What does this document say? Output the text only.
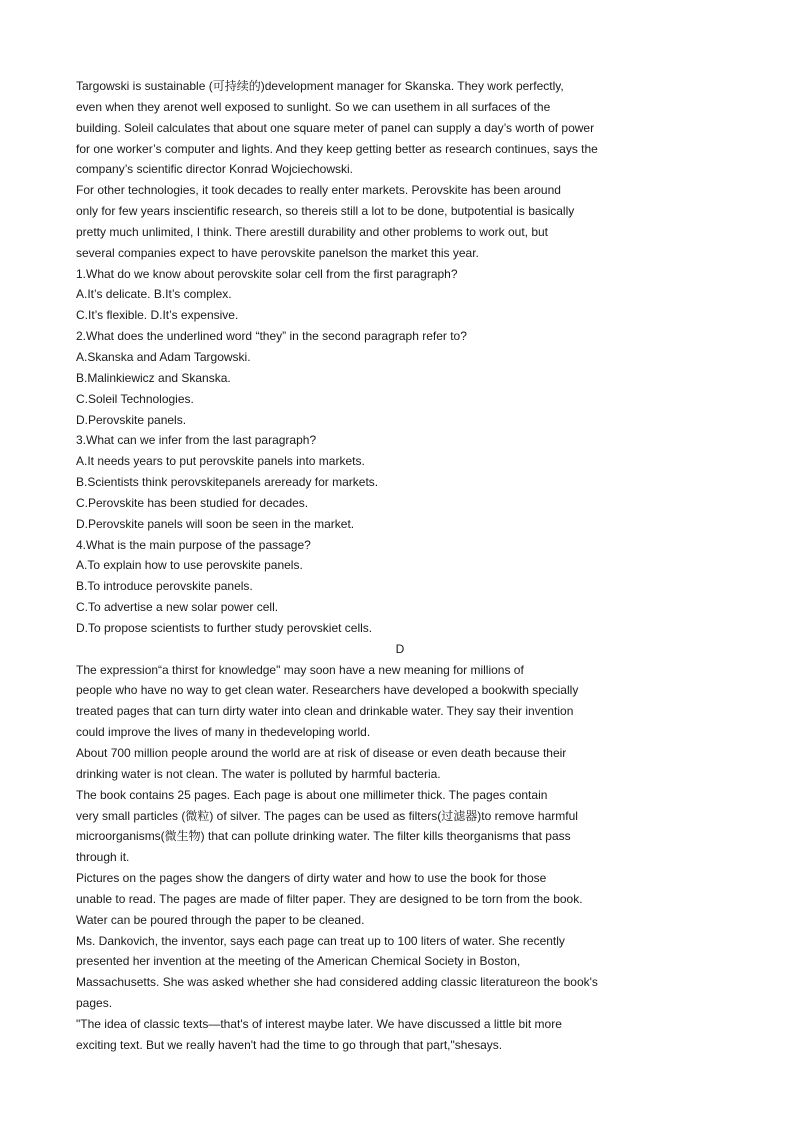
Targowski is sustainable (可持续的)development manager for Skanska. They work perfectly,
even when they arenot well exposed to sunlight. So we can usethem in all surfaces of the
building. Soleil calculates that about one square meter of panel can supply a day’s worth of power
for one worker’s computer and lights. And they keep getting better as research continues, says the
company’s scientific director Konrad Wojciechowski.
For other technologies, it took decades to really enter markets. Perovskite has been around
only for few years inscientific research, so thereis still a lot to be done, butpotential is basically
pretty much unlimited, I think. There arestill durability and other problems to work out, but
several companies expect to have perovskite panelson the market this year.
1.What do we know about perovskite solar cell from the first paragraph?
A.It’s delicate. B.It’s complex.
C.It’s flexible. D.It’s expensive.
2.What does the underlined word “they” in the second paragraph refer to?
A.Skanska and Adam Targowski.
B.Malinkiewicz and Skanska.
C.Soleil Technologies.
D.Perovskite panels.
3.What can we infer from the last paragraph?
A.It needs years to put perovskite panels into markets.
B.Scientists think perovskitepanels areready for markets.
C.Perovskite has been studied for decades.
D.Perovskite panels will soon be seen in the market.
4.What is the main purpose of the passage?
A.To explain how to use perovskite panels.
B.To introduce perovskite panels.
C.To advertise a new solar power cell.
D.To propose scientists to further study perovskiet cells.
D
The expression“a thirst for knowledge" may soon have a new meaning for millions of
people who have no way to get clean water. Researchers have developed a bookwith specially
treated pages that can turn dirty water into clean and drinkable water. They say their invention
could improve the lives of many in thedeveloping world.
About 700 million people around the world are at risk of disease or even death because their
drinking water is not clean. The water is polluted by harmful bacteria.
The book contains 25 pages. Each page is about one millimeter thick. The pages contain
very small particles (微粒) of silver. The pages can be used as filters(过滤器)to remove harmful
microorganisms(微生物) that can pollute drinking water. The filter kills theorganisms that pass
through it.
Pictures on the pages show the dangers of dirty water and how to use the book for those
unable to read. The pages are made of filter paper. They are designed to be torn from the book.
Water can be poured through the paper to be cleaned.
Ms. Dankovich, the inventor, says each page can treat up to 100 liters of water. She recently
presented her invention at the meeting of the American Chemical Society in Boston,
Massachusetts. She was asked whether she had considered adding classic literatureon the book's
pages.
"The idea of classic texts—that's of interest maybe later. We have discussed a little bit more
exciting text. But we really haven't had the time to go through that part,"shesays.
